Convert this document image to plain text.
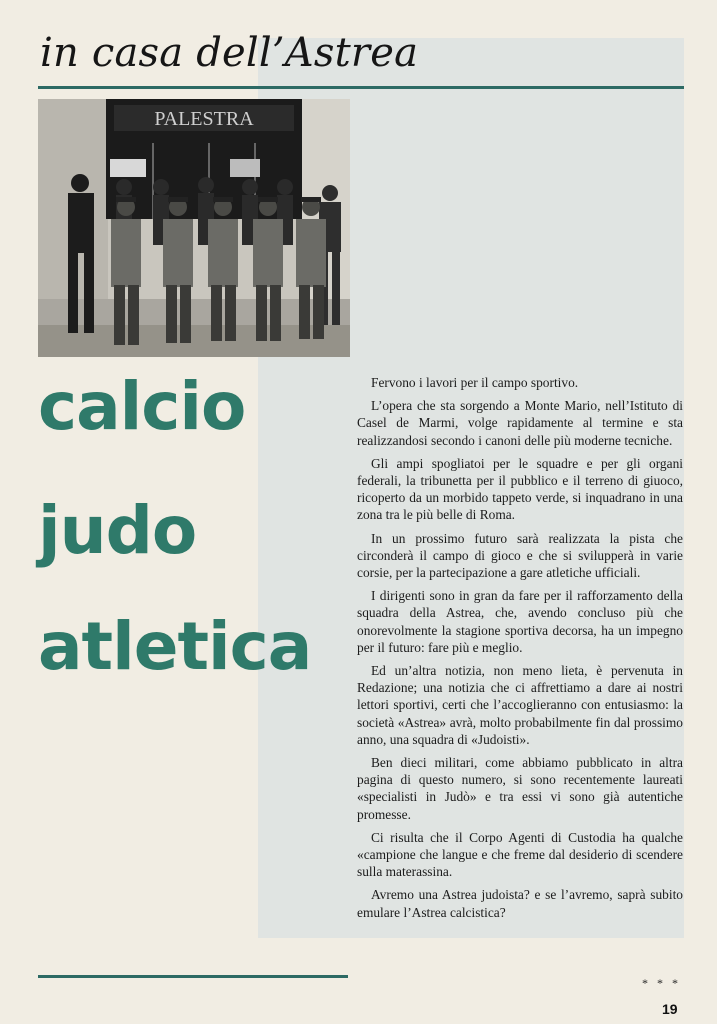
in casa dell’Astrea
PALESTRA
calcio
judo
atletica

Fervono i lavori per il campo sportivo.

L’opera che sta sorgendo a Monte Mario, nell’Istituto di Casel de Marmi, volge rapidamente al termine e sta realizzandosi secondo i canoni delle più moderne tecniche.

Gli ampi spogliatoi per le squadre e per gli organi federali, la tribunetta per il pubblico e il terreno di giuoco, ricoperto da un morbido tappeto verde, si inquadrano in una zona tra le più belle di Roma.

In un prossimo futuro sarà realizzata la pista che circonderà il campo di gioco e che si svilupperà in varie corsie, per la partecipazione a gare atletiche ufficiali.

I dirigenti sono in gran da fare per il rafforzamento della squadra della Astrea, che, avendo concluso più che onorevolmente la stagione sportiva decorsa, ha un impegno per il futuro: fare più e meglio.

Ed un’altra notizia, non meno lieta, è pervenuta in Redazione; una notizia che ci affrettiamo a dare ai nostri lettori sportivi, certi che l’accoglieranno con entusiasmo: la società «Astrea» avrà, molto probabilmente fin dal prossimo anno, una squadra di «Judoisti».

Ben dieci militari, come abbiamo pubblicato in altra pagina di questo numero, si sono recentemente laureati «specialisti in Judò» e tra essi vi sono già autentiche promesse.

Ci risulta che il Corpo Agenti di Custodia ha qualche «campione che langue e che freme dal desiderio di scendere sulla materassina.

Avremo una Astrea judoista? e se l’avremo, saprà subito emulare l’Astrea calcistica?

* * *
19
